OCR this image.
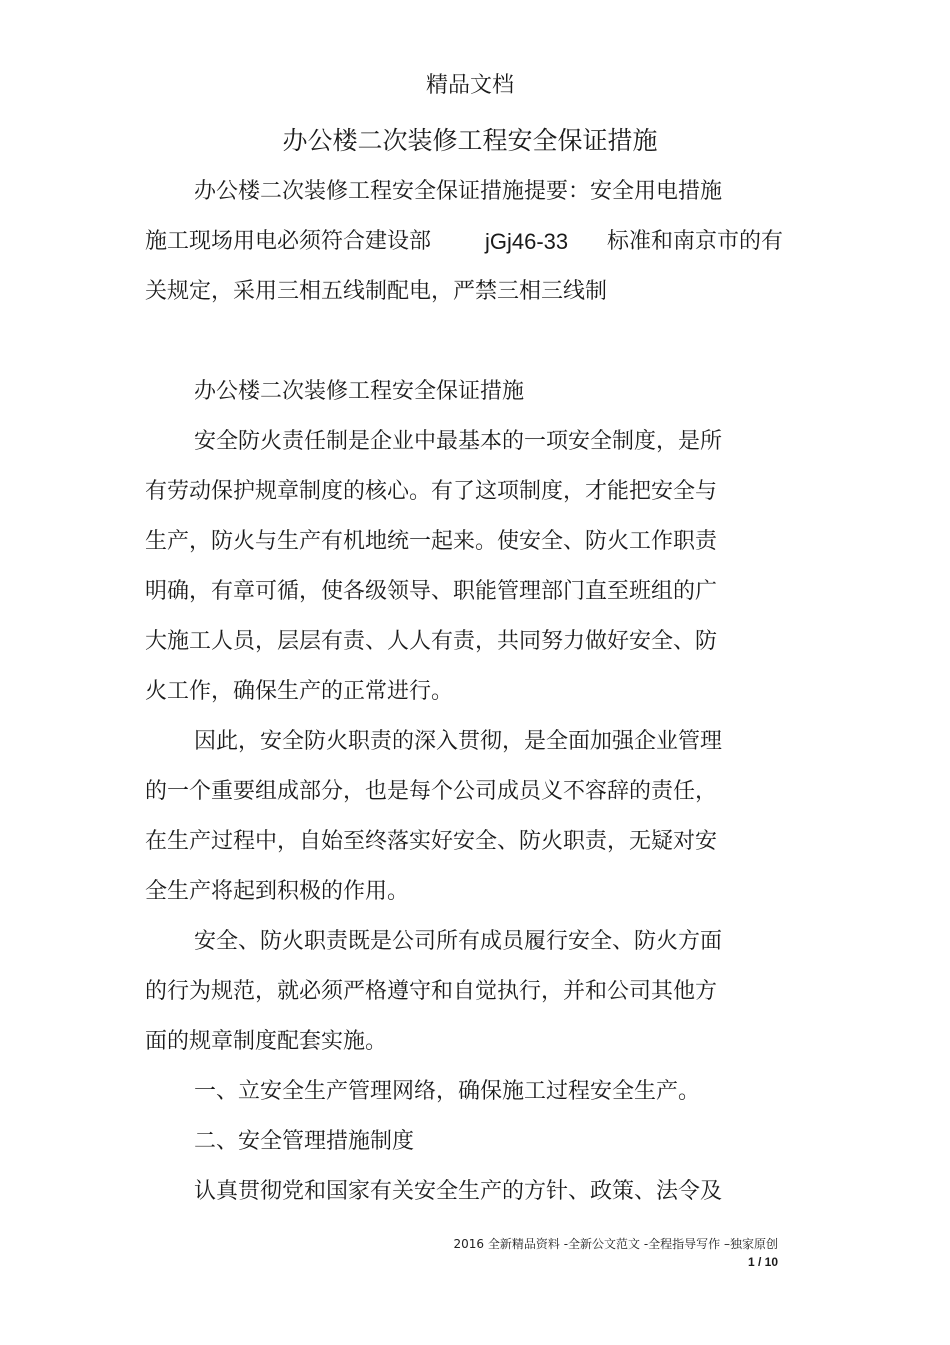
精品文档
办公楼二次装修工程安全保证措施
办公楼二次装修工程安全保证措施提要：安全用电措施
施工现场用电必须符合建设部 jGj46-33 标准和南京市的有
关规定，采用三相五线制配电，严禁三相三线制
办公楼二次装修工程安全保证措施
安全防火责任制是企业中最基本的一项安全制度，是所
有劳动保护规章制度的核心。有了这项制度，才能把安全与
生产，防火与生产有机地统一起来。使安全、防火工作职责
明确，有章可循，使各级领导、职能管理部门直至班组的广
大施工人员，层层有责、人人有责，共同努力做好安全、防
火工作，确保生产的正常进行。
因此，安全防火职责的深入贯彻，是全面加强企业管理
的一个重要组成部分，也是每个公司成员义不容辞的责任，
在生产过程中，自始至终落实好安全、防火职责，无疑对安
全生产将起到积极的作用。
安全、防火职责既是公司所有成员履行安全、防火方面
的行为规范，就必须严格遵守和自觉执行，并和公司其他方
面的规章制度配套实施。
一、立安全生产管理网络，确保施工过程安全生产。
二、安全管理措施制度
认真贯彻党和国家有关安全生产的方针、政策、法令及
2016 全新精品资料 -全新公文范文 -全程指导写作 –独家原创
1 / 10
